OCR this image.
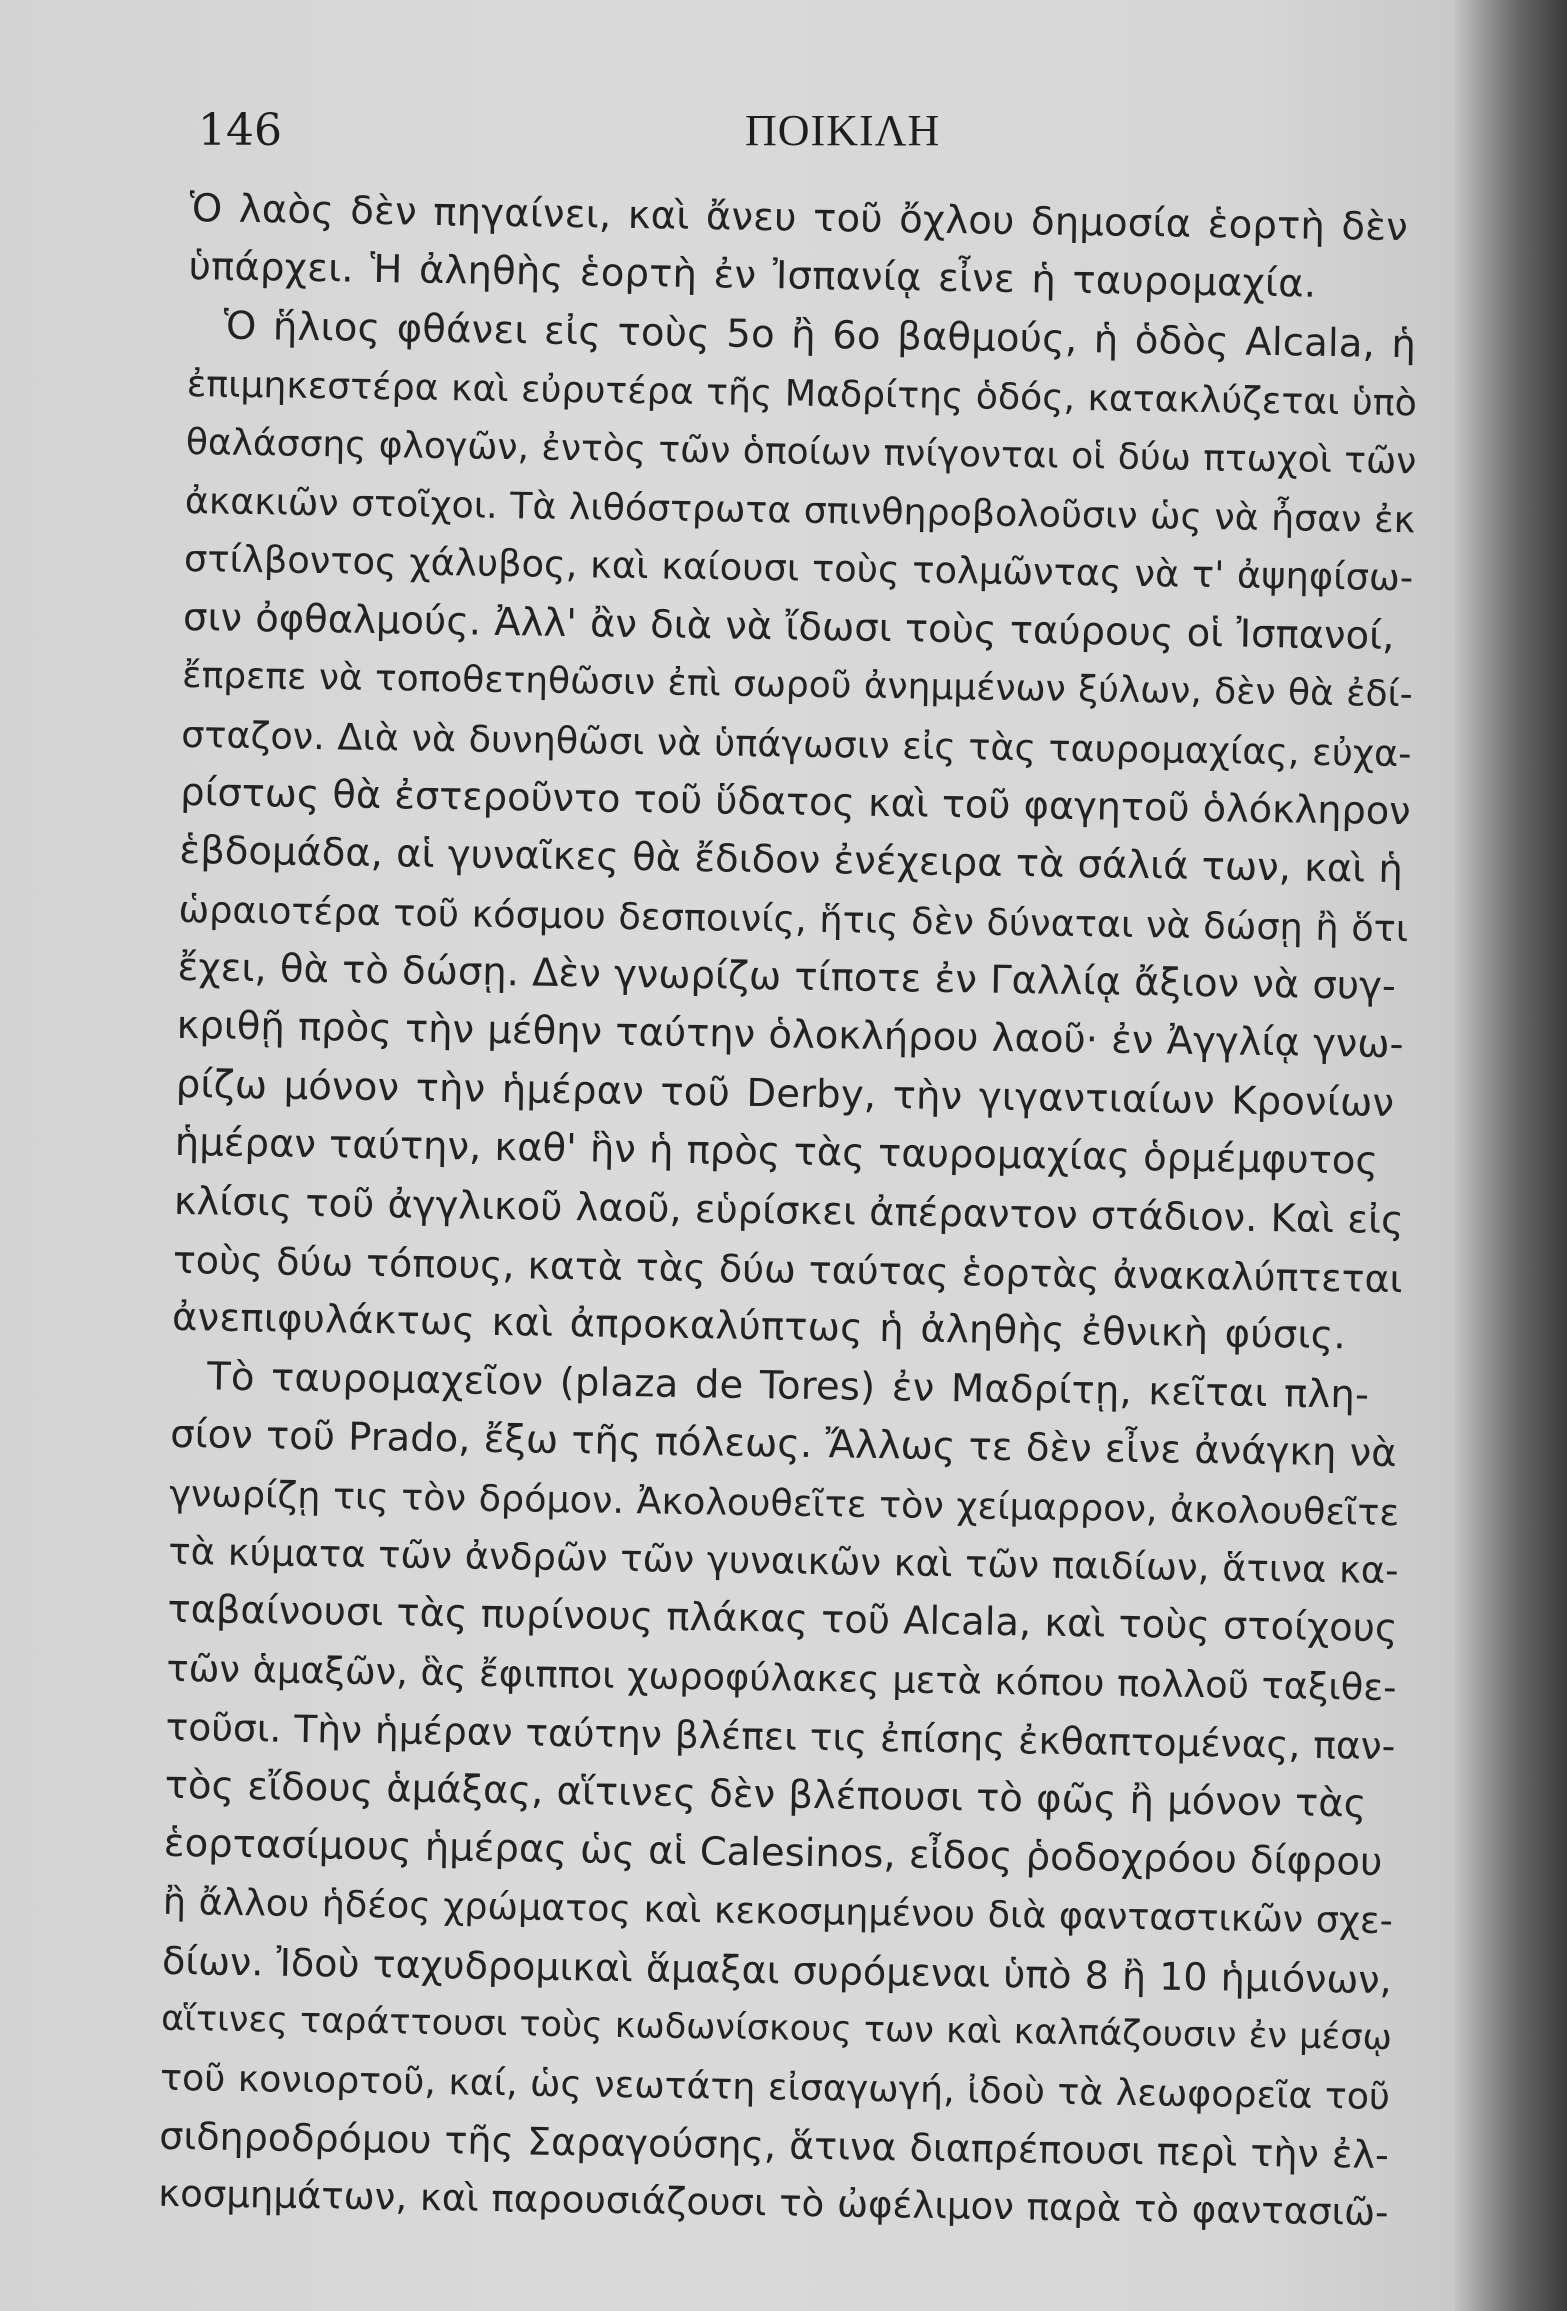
146	ΠΟΙΚΙΛΗ
Ὁ λαὸς δὲν πηγαίνει, καὶ ἄνευ τοῦ ὄχλου δημοσία ἑορτὴ δὲν
ὑπάρχει. Ἡ ἀληθὴς ἑορτὴ ἐν Ἰσπανίᾳ εἶνε ἡ ταυρομαχία.
Ὁ ἥλιος φθάνει εἰς τοὺς 5ο ἢ 6ο βαθμούς, ἡ ὁδὸς Alcala, ἡ
ἐπιμηκεστέρα καὶ εὐρυτέρα τῆς Μαδρίτης ὁδός, κατακλύζεται ὑπὸ
θαλάσσης φλογῶν, ἐντὸς τῶν ὁποίων πνίγονται οἱ δύω πτωχοὶ τῶν
ἀκακιῶν στοῖχοι. Τὰ λιθόστρωτα σπινθηροβολοῦσιν ὡς νὰ ἦσαν ἐκ
στίλβοντος χάλυβος, καὶ καίουσι τοὺς τολμῶντας νὰ τ' ἀψηφίσω-
σιν ὀφθαλμούς. Ἀλλ' ἂν διὰ νὰ ἴδωσι τοὺς ταύρους οἱ Ἰσπανοί,
ἔπρεπε νὰ τοποθετηθῶσιν ἐπὶ σωροῦ ἀνημμένων ξύλων, δὲν θὰ ἐδί-
σταζον. Διὰ νὰ δυνηθῶσι νὰ ὑπάγωσιν εἰς τὰς ταυρομαχίας, εὐχα-
ρίστως θὰ ἐστεροῦντο τοῦ ὕδατος καὶ τοῦ φαγητοῦ ὁλόκληρον
ἑβδομάδα, αἱ γυναῖκες θὰ ἔδιδον ἐνέχειρα τὰ σάλιά των, καὶ ἡ
ὡραιοτέρα τοῦ κόσμου δεσποινίς, ἥτις δὲν δύναται νὰ δώσῃ ἢ ὅτι
ἔχει, θὰ τὸ δώσῃ. Δὲν γνωρίζω τίποτε ἐν Γαλλίᾳ ἄξιον νὰ συγ-
κριθῇ πρὸς τὴν μέθην ταύτην ὁλοκλήρου λαοῦ· ἐν Ἀγγλίᾳ γνω-
ρίζω μόνον τὴν ἡμέραν τοῦ Derby, τὴν γιγαντιαίων Κρονίων
ἡμέραν ταύτην, καθ' ἣν ἡ πρὸς τὰς ταυρομαχίας ὁρμέμφυτος
κλίσις τοῦ ἀγγλικοῦ λαοῦ, εὑρίσκει ἀπέραντον στάδιον. Καὶ εἰς
τοὺς δύω τόπους, κατὰ τὰς δύω ταύτας ἑορτὰς ἀνακαλύπτεται
ἀνεπιφυλάκτως καὶ ἀπροκαλύπτως ἡ ἀληθὴς ἐθνικὴ φύσις.
Τὸ ταυρομαχεῖον (plaza de Tores) ἐν Μαδρίτῃ, κεῖται πλη-
σίον τοῦ Prado, ἔξω τῆς πόλεως. Ἄλλως τε δὲν εἶνε ἀνάγκη νὰ
γνωρίζῃ τις τὸν δρόμον. Ἀκολουθεῖτε τὸν χείμαρρον, ἀκολουθεῖτε
τὰ κύματα τῶν ἀνδρῶν τῶν γυναικῶν καὶ τῶν παιδίων, ἅτινα κα-
ταβαίνουσι τὰς πυρίνους πλάκας τοῦ Alcala, καὶ τοὺς στοίχους
τῶν ἁμαξῶν, ἃς ἔφιπποι χωροφύλακες μετὰ κόπου πολλοῦ ταξιθε-
τοῦσι. Τὴν ἡμέραν ταύτην βλέπει τις ἐπίσης ἐκθαπτομένας, παν-
τὸς εἴδους ἁμάξας, αἵτινες δὲν βλέπουσι τὸ φῶς ἢ μόνον τὰς
ἑορτασίμους ἡμέρας ὡς αἱ Calesinos, εἶδος ῥοδοχρόου δίφρου
ἢ ἄλλου ἡδέος χρώματος καὶ κεκοσμημένου διὰ φανταστικῶν σχε-
δίων. Ἰδοὺ ταχυδρομικαὶ ἅμαξαι συρόμεναι ὑπὸ 8 ἢ 10 ἡμιόνων,
αἵτινες ταράττουσι τοὺς κωδωνίσκους των καὶ καλπάζουσιν ἐν μέσῳ
τοῦ κονιορτοῦ, καί, ὡς νεωτάτη εἰσαγωγή, ἰδοὺ τὰ λεωφορεῖα τοῦ
σιδηροδρόμου τῆς Σαραγούσης, ἅτινα διαπρέπουσι περὶ τὴν ἐλ-
κοσμημάτων, καὶ παρουσιάζουσι τὸ ὠφέλιμον παρὰ τὸ φαντασιῶ-
